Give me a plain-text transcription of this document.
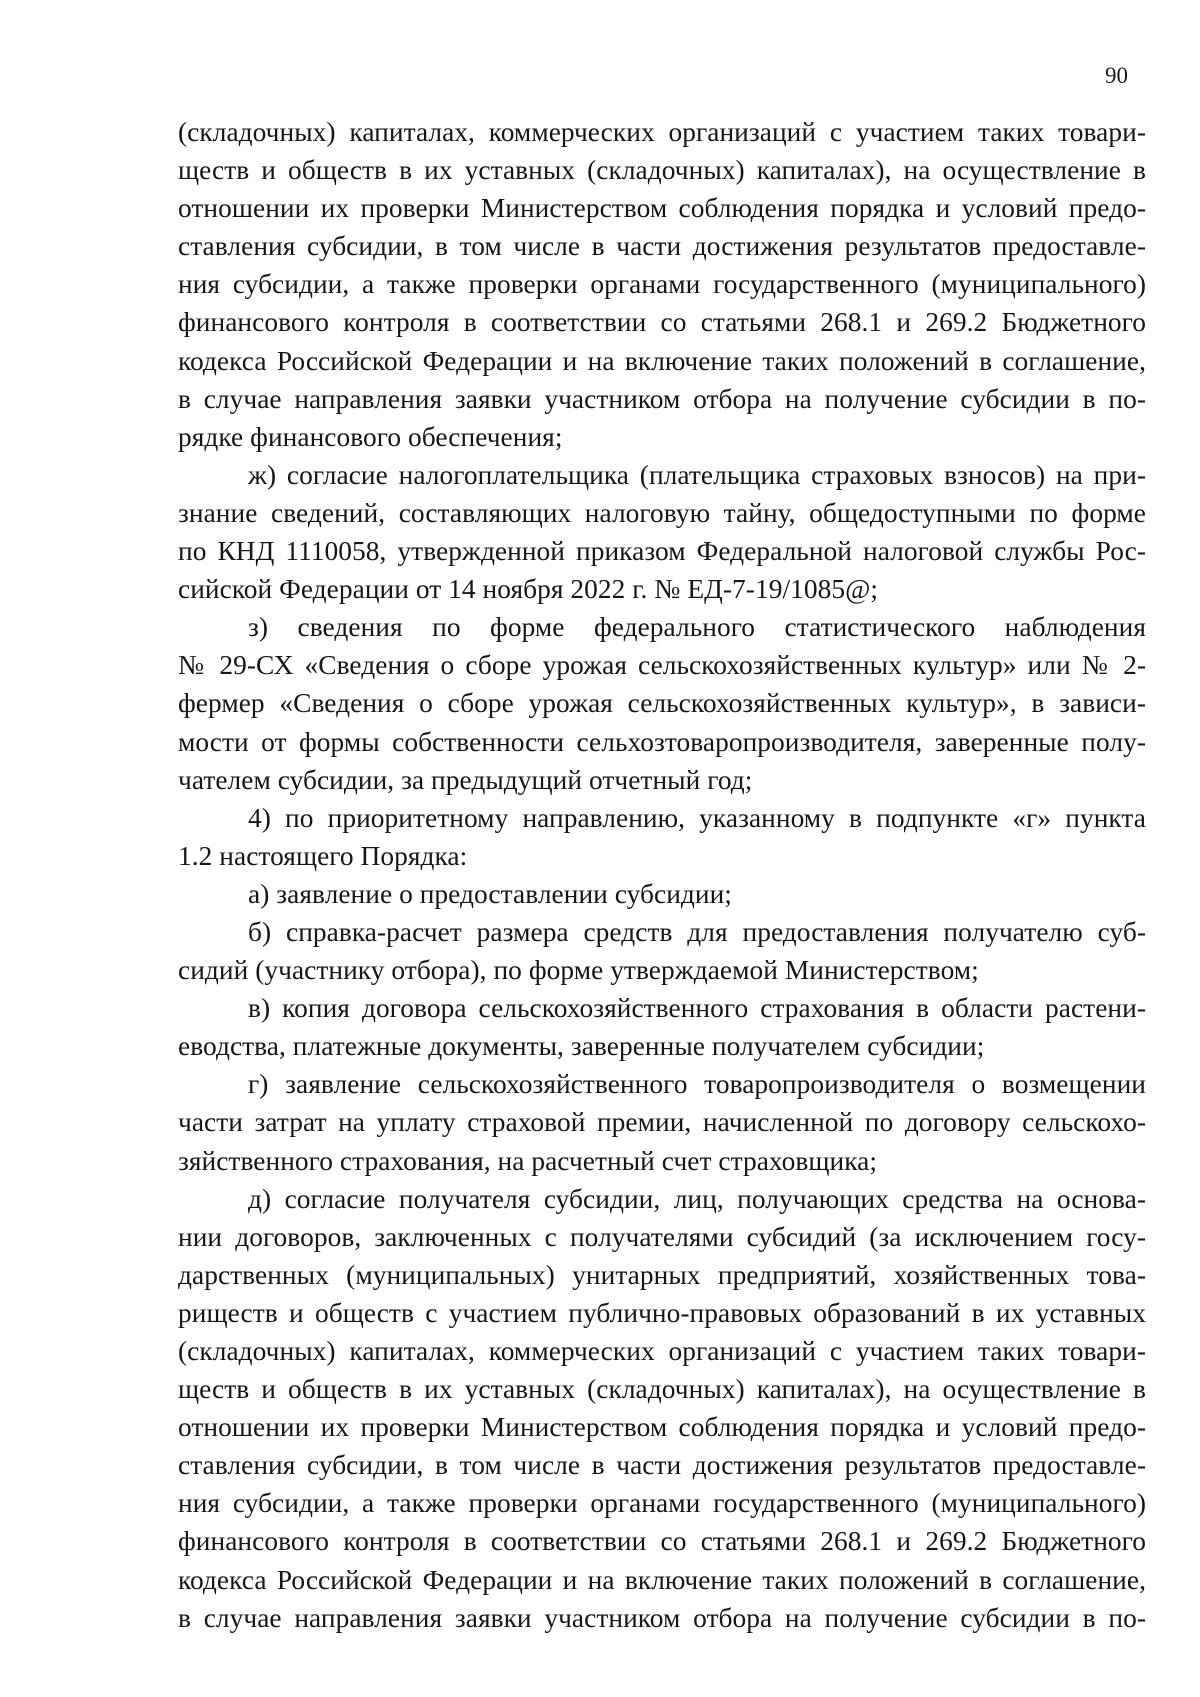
90
(складочных) капиталах, коммерческих организаций с участием таких товари-
ществ и обществ в их уставных (складочных) капиталах), на осуществление в
отношении их проверки Министерством соблюдения порядка и условий предо-
ставления субсидии, в том числе в части достижения результатов предоставле-
ния субсидии, а также проверки органами государственного (муниципального)
финансового контроля в соответствии со статьями 268.1 и 269.2 Бюджетного
кодекса Российской Федерации и на включение таких положений в соглашение,
в случае направления заявки участником отбора на получение субсидии в по-
рядке финансового обеспечения;
ж) согласие налогоплательщика (плательщика страховых взносов) на при-
знание сведений, составляющих налоговую тайну, общедоступными по форме
по КНД 1110058, утвержденной приказом Федеральной налоговой службы Рос-
сийской Федерации от 14 ноября 2022 г. № ЕД-7-19/1085@;
з) сведения по форме федерального статистического наблюдения
№ 29-СХ «Сведения о сборе урожая сельскохозяйственных культур» или № 2-
фермер «Сведения о сборе урожая сельскохозяйственных культур», в зависи-
мости от формы собственности сельхозтоваропроизводителя, заверенные полу-
чателем субсидии, за предыдущий отчетный год;
4) по приоритетному направлению, указанному в подпункте «г» пункта
1.2 настоящего Порядка:
а) заявление о предоставлении субсидии;
б) справка-расчет размера средств для предоставления получателю суб-
сидий (участнику отбора), по форме утверждаемой Министерством;
в) копия договора сельскохозяйственного страхования в области растени-
еводства, платежные документы, заверенные получателем субсидии;
г) заявление сельскохозяйственного товаропроизводителя о возмещении
части затрат на уплату страховой премии, начисленной по договору сельскохо-
зяйственного страхования, на расчетный счет страховщика;
д) согласие получателя субсидии, лиц, получающих средства на основа-
нии договоров, заключенных с получателями субсидий (за исключением госу-
дарственных (муниципальных) унитарных предприятий, хозяйственных това-
риществ и обществ с участием публично-правовых образований в их уставных
(складочных) капиталах, коммерческих организаций с участием таких товари-
ществ и обществ в их уставных (складочных) капиталах), на осуществление в
отношении их проверки Министерством соблюдения порядка и условий предо-
ставления субсидии, в том числе в части достижения результатов предоставле-
ния субсидии, а также проверки органами государственного (муниципального)
финансового контроля в соответствии со статьями 268.1 и 269.2 Бюджетного
кодекса Российской Федерации и на включение таких положений в соглашение,
в случае направления заявки участником отбора на получение субсидии в по-
